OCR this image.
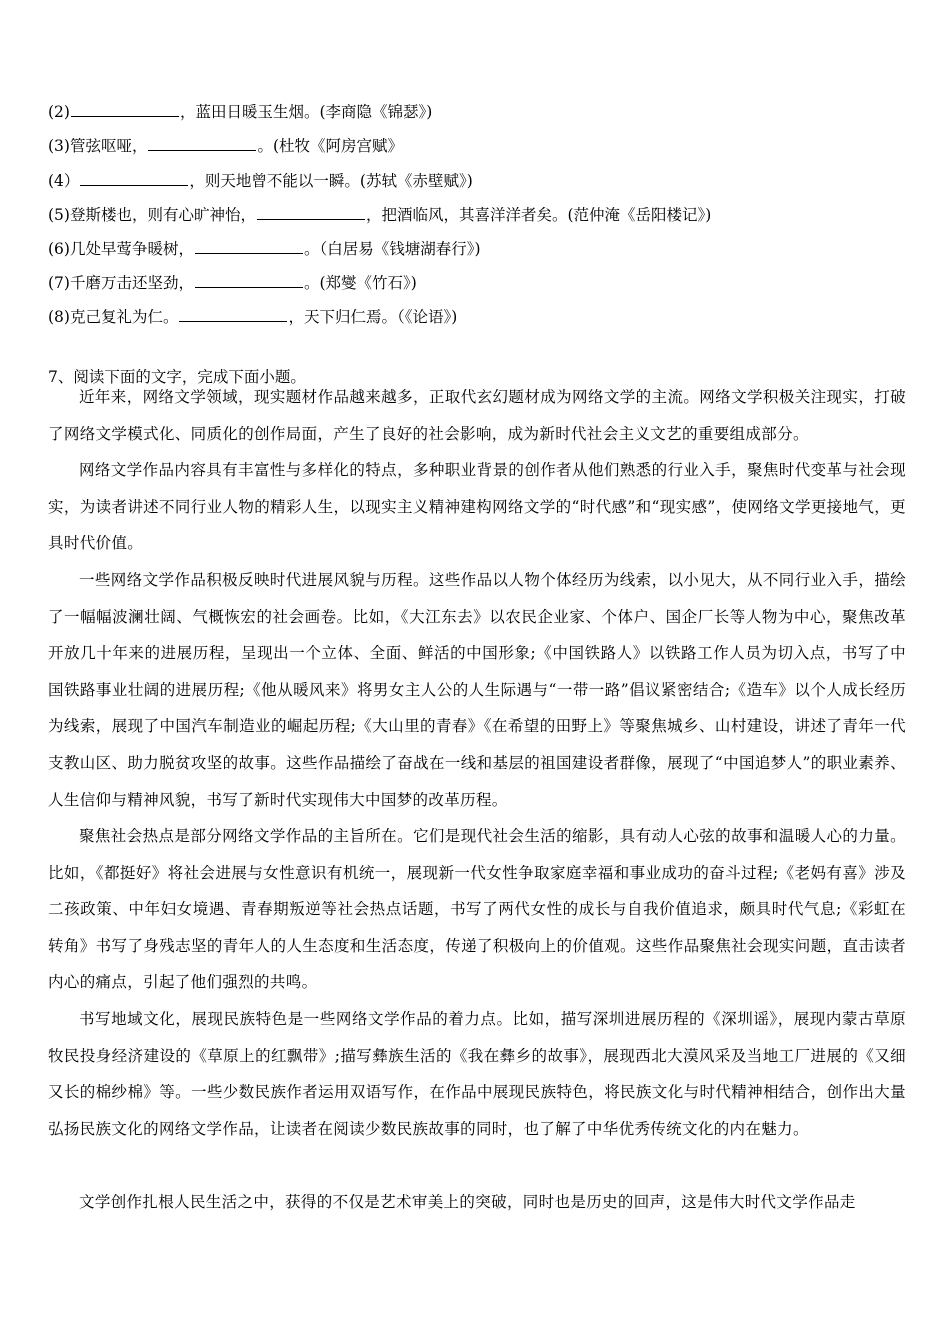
(2)	，蓝田日暖玉生烟。(李商隐《锦瑟》)
(3)管弦呕哑，	。(杜牧《阿房宫赋》
(4）	，则天地曾不能以一瞬。(苏轼《赤壁赋》)
(5)登斯楼也，则有心旷神怡，	，把酒临风，其喜洋洋者矣。(范仲淹《岳阳楼记》)
(6)几处早莺争暖树，	。（白居易《钱塘湖春行》)
(7)千磨万击还坚劲，	。(郑燮《竹石》)
(8)克己复礼为仁。	，天下归仁焉。（《论语》)
7、阅读下面的文字，完成下面小题。

近年来，网络文学领域，现实题材作品越来越多，正取代玄幻题材成为网络文学的主流。网络文学积极关注现实，打破了网络文学模式化、同质化的创作局面，产生了良好的社会影响，成为新时代社会主义文艺的重要组成部分。

网络文学作品内容具有丰富性与多样化的特点，多种职业背景的创作者从他们熟悉的行业入手，聚焦时代变革与社会现实，为读者讲述不同行业人物的精彩人生，以现实主义精神建构网络文学的“时代感”和“现实感”，使网络文学更接地气，更具时代价值。

一些网络文学作品积极反映时代进展风貌与历程。这些作品以人物个体经历为线索，以小见大，从不同行业入手，描绘了一幅幅波澜壮阔、气概恢宏的社会画卷。比如，《大江东去》以农民企业家、个体户、国企厂长等人物为中心，聚焦改革开放几十年来的进展历程，呈现出一个立体、全面、鲜活的中国形象;《中国铁路人》以铁路工作人员为切入点，书写了中国铁路事业壮阔的进展历程;《他从暖风来》将男女主人公的人生际遇与“一带一路”倡议紧密结合;《造车》以个人成长经历为线索，展现了中国汽车制造业的崛起历程;《大山里的青春》《在希望的田野上》等聚焦城乡、山村建设，讲述了青年一代支教山区、助力脱贫攻坚的故事。这些作品描绘了奋战在一线和基层的祖国建设者群像，展现了“中国追梦人”的职业素养、人生信仰与精神风貌，书写了新时代实现伟大中国梦的改革历程。

聚焦社会热点是部分网络文学作品的主旨所在。它们是现代社会生活的缩影，具有动人心弦的故事和温暖人心的力量。比如，《都挺好》将社会进展与女性意识有机统一，展现新一代女性争取家庭幸福和事业成功的奋斗过程;《老妈有喜》涉及二孩政策、中年妇女境遇、青春期叛逆等社会热点话题，书写了两代女性的成长与自我价值追求，颇具时代气息;《彩虹在转角》书写了身残志坚的青年人的人生态度和生活态度，传递了积极向上的价值观。这些作品聚焦社会现实问题，直击读者内心的痛点，引起了他们强烈的共鸣。

书写地域文化，展现民族特色是一些网络文学作品的着力点。比如，描写深圳进展历程的《深圳谣》，展现内蒙古草原牧民投身经济建设的《草原上的红飘带》;描写彝族生活的《我在彝乡的故事》，展现西北大漠风采及当地工厂进展的《又细又长的棉纱棉》等。一些少数民族作者运用双语写作，在作品中展现民族特色，将民族文化与时代精神相结合，创作出大量弘扬民族文化的网络文学作品，让读者在阅读少数民族故事的同时，也了解了中华优秀传统文化的内在魅力。

文学创作扎根人民生活之中，获得的不仅是艺术审美上的突破，同时也是历史的回声，这是伟大时代文学作品走
